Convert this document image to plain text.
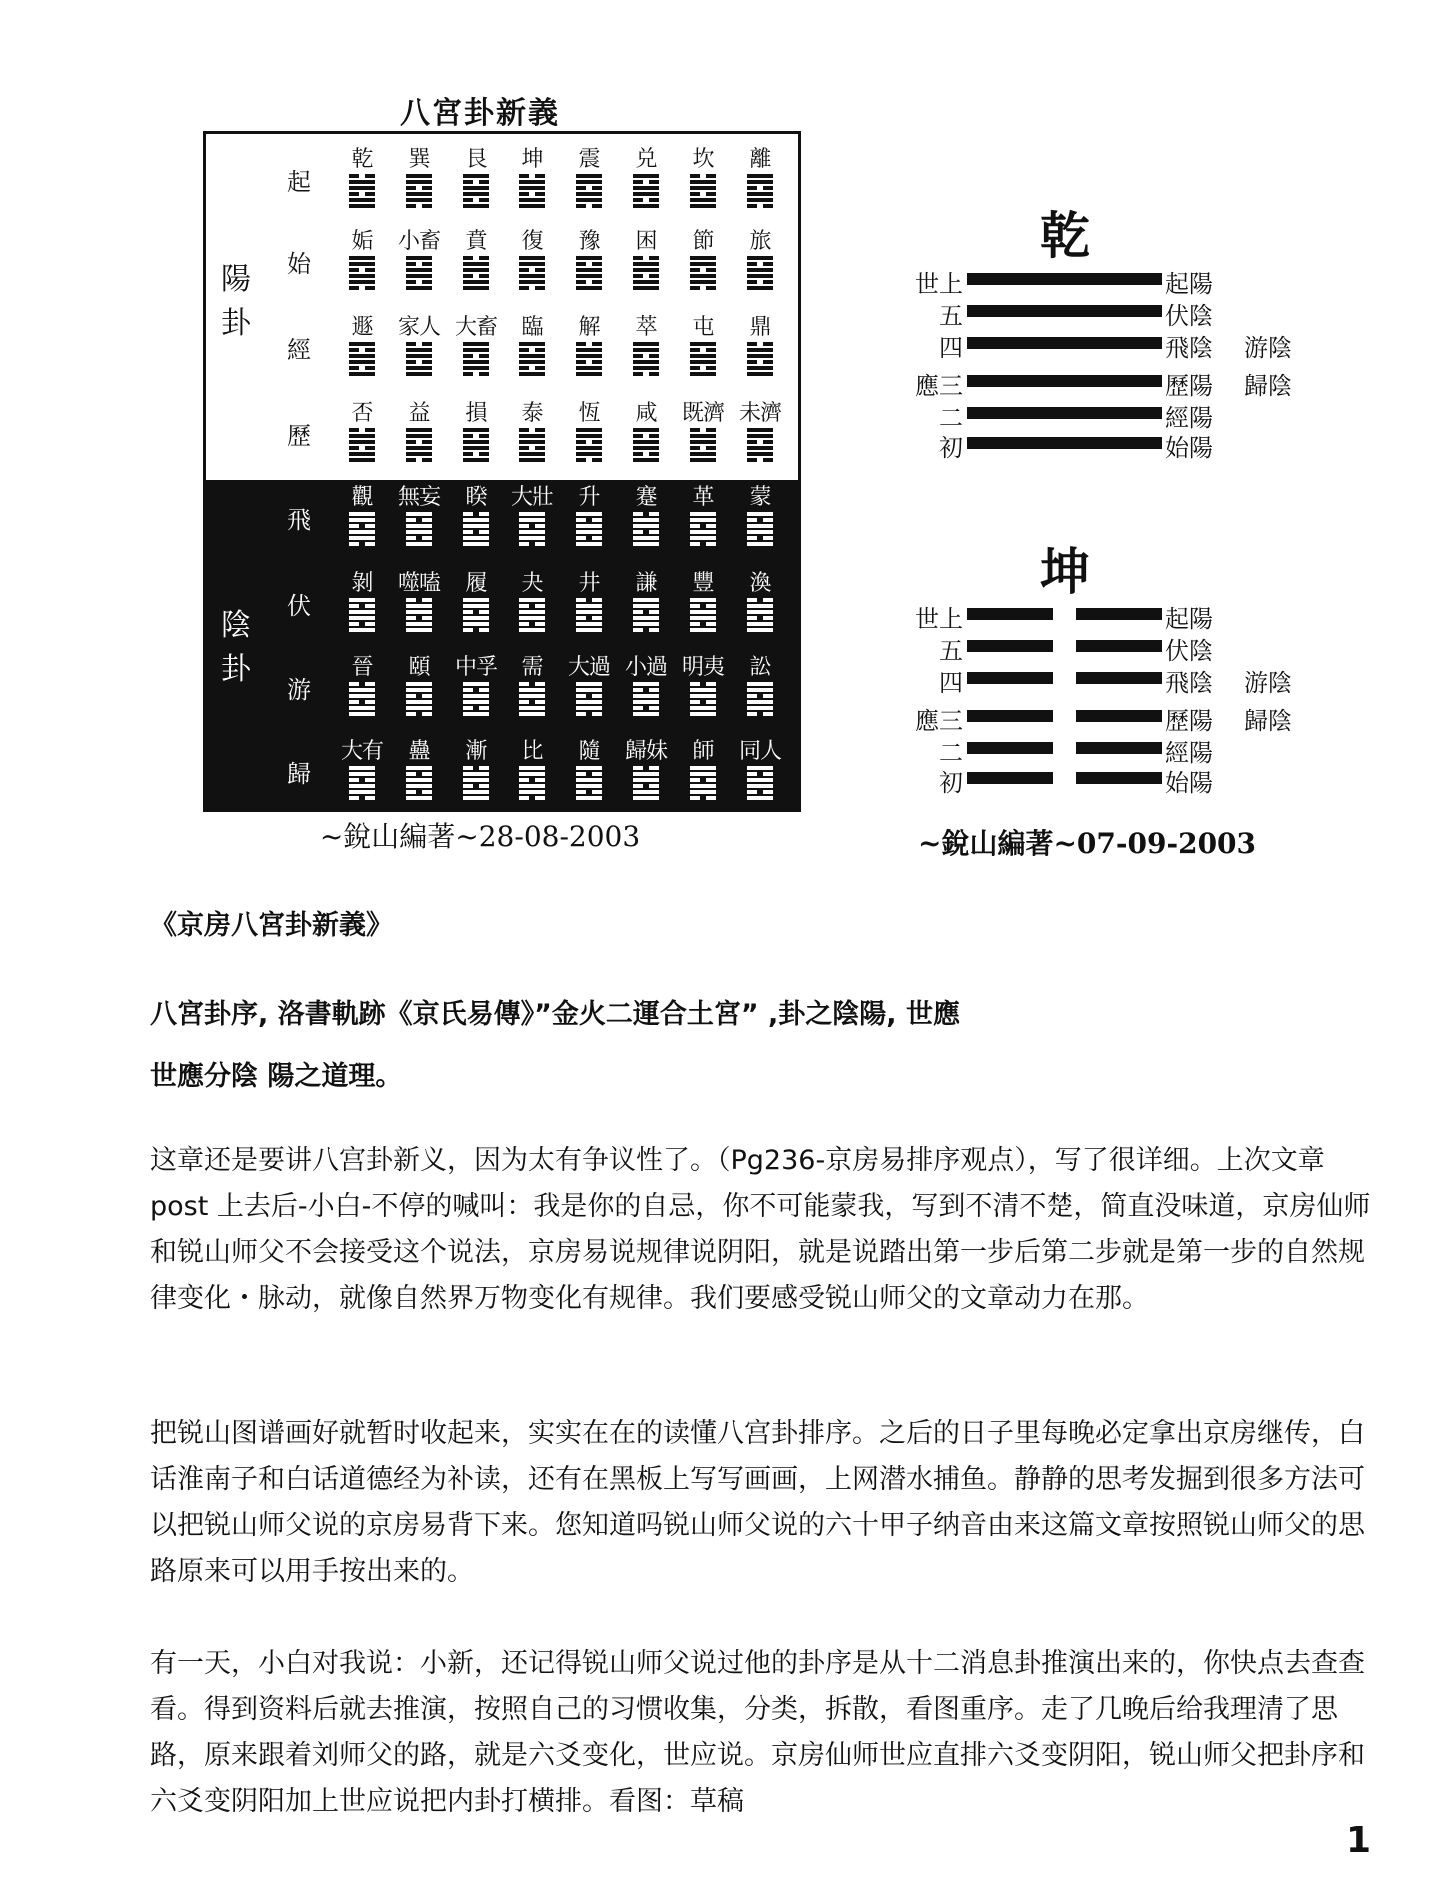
八宮卦新義
陽
卦
陰
卦
起
乾	巽	艮	坤	震	兑	坎	離
始
姤	小畜	賁	復	豫	困	節	旅
經
遯	家人 大畜	臨	解	萃	屯	鼎
歷
否	益	損	泰	恆	咸	既濟 未濟
飛
觀	無妄	睽	大壯	升	蹇	革	蒙
伏
剝	噬嗑	履	夬	井	謙	豐	渙
游
晉	頤	中孚	需	大過 小過 明夷	訟
歸
大有	蠱	漸	比	隨	歸妹	師	同人
~銳山編著~28-08-2003
乾
世上	起陽
五	伏陰
四	飛陰 游陰
應三	歷陽 歸陰
二	經陽
初	始陽
坤
世上	起陽
五	伏陰
四	飛陰 游陰
應三	歷陽 歸陰
二	經陽
初	始陽
~銳山編著~07-09-2003
《京房八宮卦新義》
八宮卦序, 洛書軌跡《京氏易傳》”金火二運合土宮” ,卦之陰陽, 世應
世應分陰 陽之道理。
这章还是要讲八宫卦新义，因为太有争议性了。（Pg236-京房易排序观点），写了很详细。上次文章 post 上去后-小白-不停的喊叫：我是你的自忌，你不可能蒙我，写到不清不楚，简直没味道，京房仙师和锐山师父不会接受这个说法，京房易说规律说阴阳，就是说踏出第一步后第二步就是第一步的自然规律变化・脉动，就像自然界万物变化有规律。我们要感受锐山师父的文章动力在那。
把锐山图谱画好就暂时收起来，实实在在的读懂八宫卦排序。之后的日子里每晚必定拿出京房继传，白话淮南子和白话道德经为补读，还有在黑板上写写画画，上网潜水捕鱼。静静的思考发掘到很多方法可以把锐山师父说的京房易背下来。您知道吗锐山师父说的六十甲子纳音由来这篇文章按照锐山师父的思路原来可以用手按出来的。
有一天，小白对我说：小新，还记得锐山师父说过他的卦序是从十二消息卦推演出来的，你快点去查查看。得到资料后就去推演，按照自己的习惯收集，分类，拆散，看图重序。走了几晚后给我理清了思路，原来跟着刘师父的路，就是六爻变化，世应说。京房仙师世应直排六爻变阴阳，锐山师父把卦序和六爻变阴阳加上世应说把内卦打横排。看图：草稿
1
